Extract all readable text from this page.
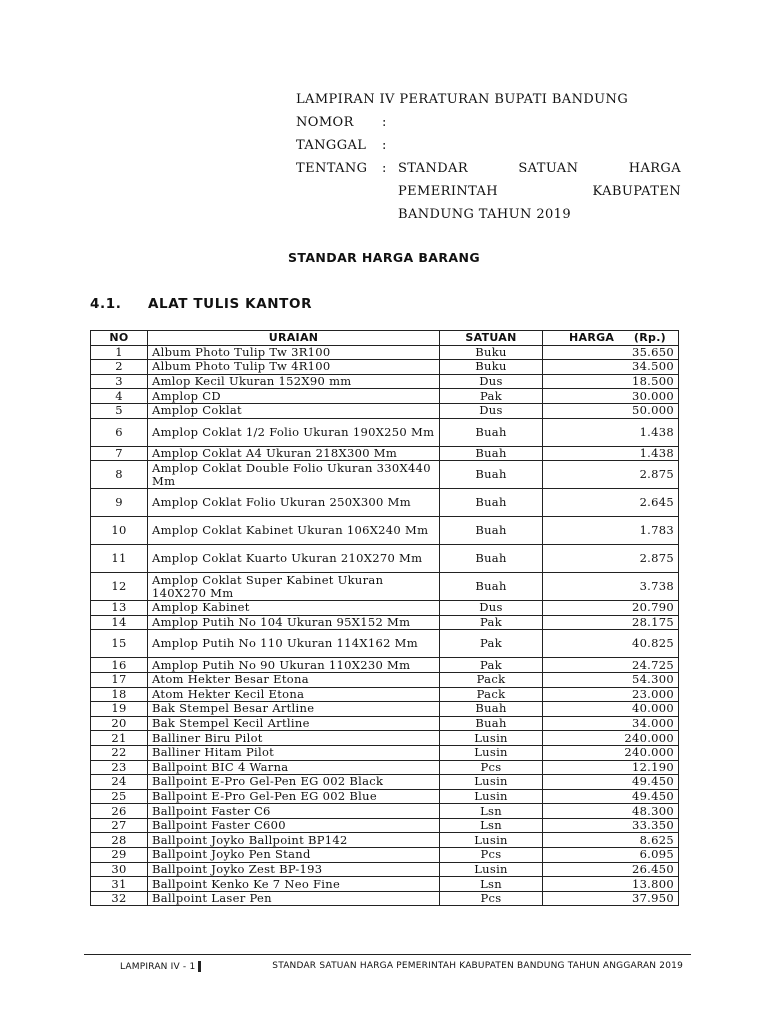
LAMPIRAN IV PERATURAN BUPATI BANDUNG
NOMOR	:
TANGGAL	:
TENTANG	: STANDAR	SATUAN	HARGA
PEMERINTAH	KABUPATEN
BANDUNG TAHUN 2019
STANDAR HARGA BARANG
4.1. ALAT TULIS KANTOR
NO	URAIAN	SATUAN	HARGA (Rp.)

1	Album Photo Tulip Tw 3R100	Buku	35.650
2	Album Photo Tulip Tw 4R100	Buku	34.500
3	Amlop Kecil Ukuran 152X90 mm	Dus	18.500
4	Amplop CD	Pak	30.000
5	Amplop Coklat	Dus	50.000
6	Amplop Coklat 1/2 Folio Ukuran 190X250 Mm	Buah	1.438
7	Amplop Coklat A4 Ukuran 218X300 Mm	Buah	1.438
8	Amplop Coklat Double Folio Ukuran 330X440 Mm	Buah	2.875
9	Amplop Coklat Folio Ukuran 250X300 Mm	Buah	2.645
10	Amplop Coklat Kabinet Ukuran 106X240 Mm	Buah	1.783
11	Amplop Coklat Kuarto Ukuran 210X270 Mm	Buah	2.875
12	Amplop Coklat Super Kabinet Ukuran 140X270 Mm	Buah	3.738
13	Amplop Kabinet	Dus	20.790
14	Amplop Putih No 104 Ukuran 95X152 Mm	Pak	28.175
15	Amplop Putih No 110 Ukuran 114X162 Mm	Pak	40.825
16	Amplop Putih No 90 Ukuran 110X230 Mm	Pak	24.725
17	Atom Hekter Besar Etona	Pack	54.300
18	Atom Hekter Kecil Etona	Pack	23.000
19	Bak Stempel Besar Artline	Buah	40.000
20	Bak Stempel Kecil Artline	Buah	34.000
21	Balliner Biru Pilot	Lusin	240.000
22	Balliner Hitam Pilot	Lusin	240.000
23	Ballpoint BIC 4 Warna	Pcs	12.190
24	Ballpoint E-Pro Gel-Pen EG 002 Black	Lusin	49.450
25	Ballpoint E-Pro Gel-Pen EG 002 Blue	Lusin	49.450
26	Ballpoint Faster C6	Lsn	48.300
27	Ballpoint Faster C600	Lsn	33.350
28	Ballpoint Joyko Ballpoint BP142	Lusin	8.625
29	Ballpoint Joyko Pen Stand	Pcs	6.095
30	Ballpoint Joyko Zest BP-193	Lusin	26.450
31	Ballpoint Kenko Ke 7 Neo Fine	Lsn	13.800
32	Ballpoint Laser Pen	Pcs	37.950
LAMPIRAN IV - 1	STANDAR SATUAN HARGA PEMERINTAH KABUPATEN BANDUNG TAHUN ANGGARAN 2019
